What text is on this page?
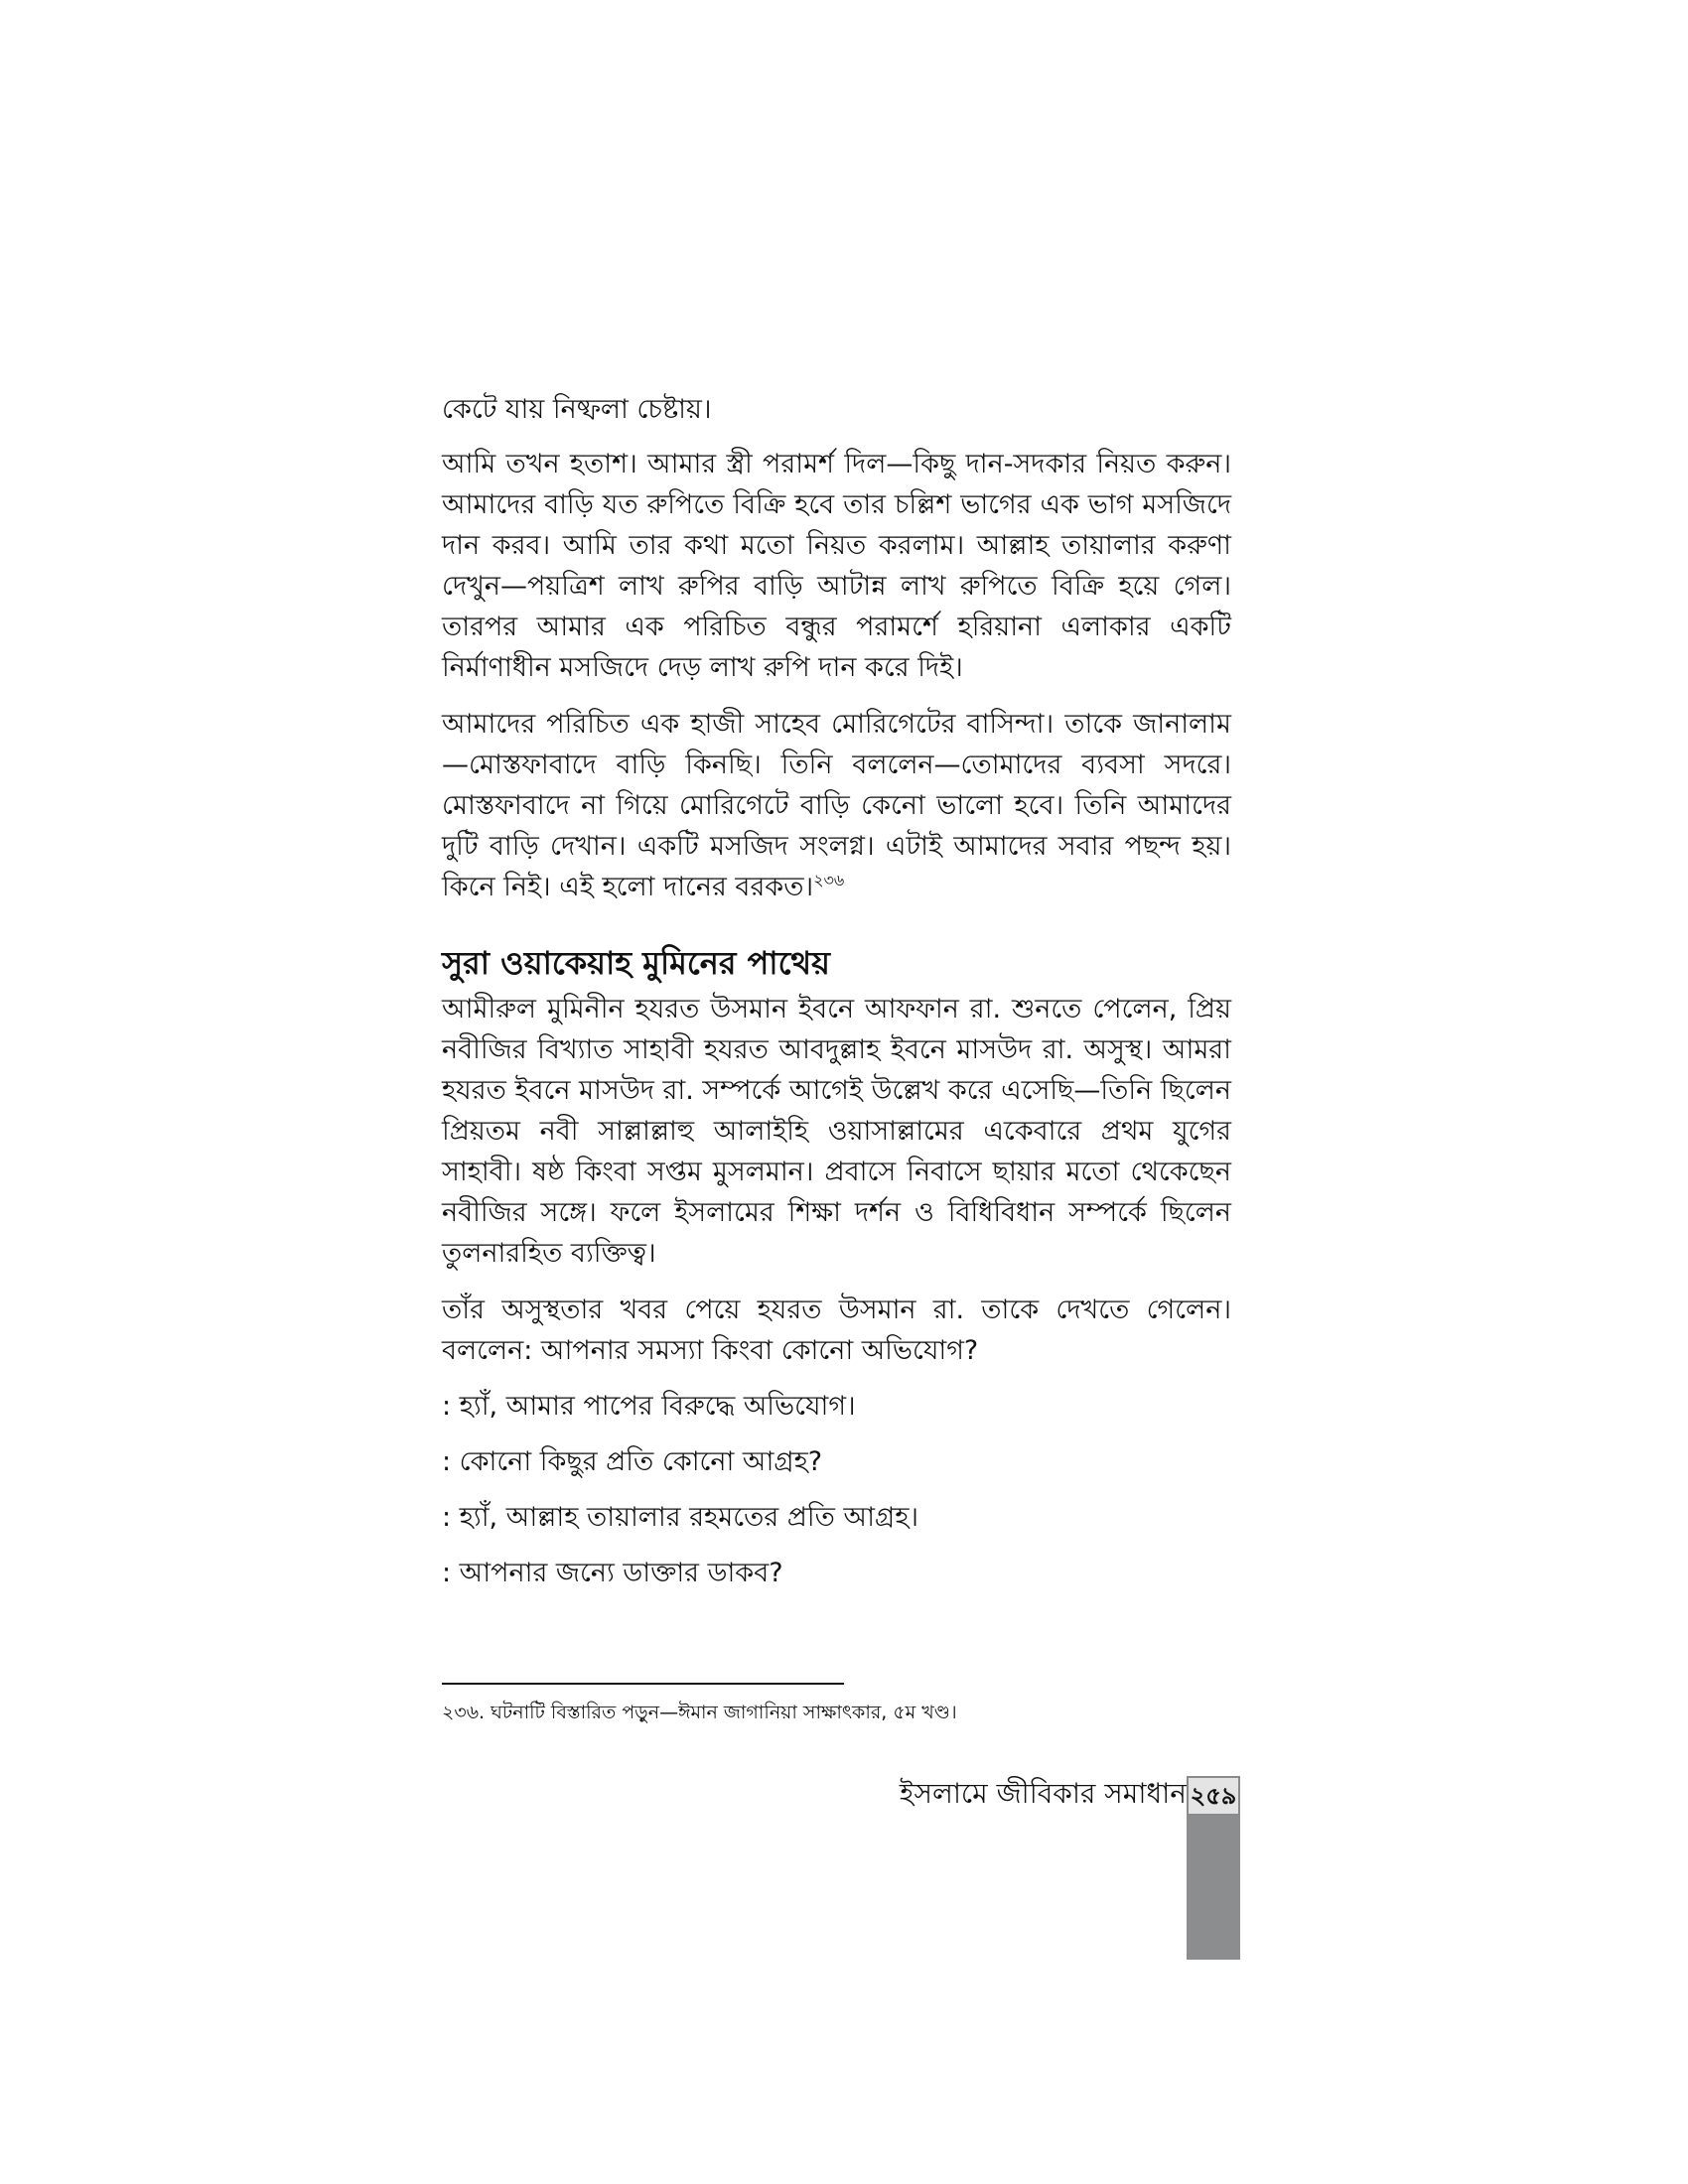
কেটে যায় নিষ্ফলা চেষ্টায়।

আমি তখন হতাশ। আমার স্ত্রী পরামর্শ দিল—কিছু দান-সদকার নিয়ত করুন। আমাদের বাড়ি যত রুপিতে বিক্রি হবে তার চল্লিশ ভাগের এক ভাগ মসজিদে দান করব। আমি তার কথা মতো নিয়ত করলাম। আল্লাহ তায়ালার করুণা দেখুন—পয়ত্রিশ লাখ রুপির বাড়ি আটান্ন লাখ রুপিতে বিক্রি হয়ে গেল। তারপর আমার এক পরিচিত বন্ধুর পরামর্শে হরিয়ানা এলাকার একটি নির্মাণাধীন মসজিদে দেড় লাখ রুপি দান করে দিই।

আমাদের পরিচিত এক হাজী সাহেব মোরিগেটের বাসিন্দা। তাকে জানালাম—মোস্তফাবাদে বাড়ি কিনছি। তিনি বললেন—তোমাদের ব্যবসা সদরে। মোস্তফাবাদে না গিয়ে মোরিগেটে বাড়ি কেনো ভালো হবে। তিনি আমাদের দুটি বাড়ি দেখান। একটি মসজিদ সংলগ্ন। এটাই আমাদের সবার পছন্দ হয়। কিনে নিই। এই হলো দানের বরকত।$^{২৩৬}$

সুরা ওয়াকেয়াহ মুমিনের পাথেয়

আমীরুল মুমিনীন হযরত উসমান ইবনে আফফান রা. শুনতে পেলেন, প্রিয় নবীজির বিখ্যাত সাহাবী হযরত আবদুল্লাহ ইবনে মাসউদ রা. অসুস্থ। আমরা হযরত ইবনে মাসউদ রা. সম্পর্কে আগেই উল্লেখ করে এসেছি—তিনি ছিলেন প্রিয়তম নবী সাল্লাল্লাহু আলাইহি ওয়াসাল্লামের একেবারে প্রথম যুগের সাহাবী। ষষ্ঠ কিংবা সপ্তম মুসলমান। প্রবাসে নিবাসে ছায়ার মতো থেকেছেন নবীজির সঙ্গে। ফলে ইসলামের শিক্ষা দর্শন ও বিধিবিধান সম্পর্কে ছিলেন তুলনারহিত ব্যক্তিত্ব।

তাঁর অসুস্থতার খবর পেয়ে হযরত উসমান রা. তাকে দেখতে গেলেন। বললেন: আপনার সমস্যা কিংবা কোনো অভিযোগ?

: হ্যাঁ, আমার পাপের বিরুদ্ধে অভিযোগ।
: কোনো কিছুর প্রতি কোনো আগ্রহ?
: হ্যাঁ, আল্লাহ তায়ালার রহমতের প্রতি আগ্রহ।
: আপনার জন্যে ডাক্তার ডাকব?
২৩৬. ঘটনাটি বিস্তারিত পড়ুন—ঈমান জাগানিয়া সাক্ষাৎকার, ৫ম খণ্ড।
ইসলামে জীবিকার সমাধান ২৫৯
